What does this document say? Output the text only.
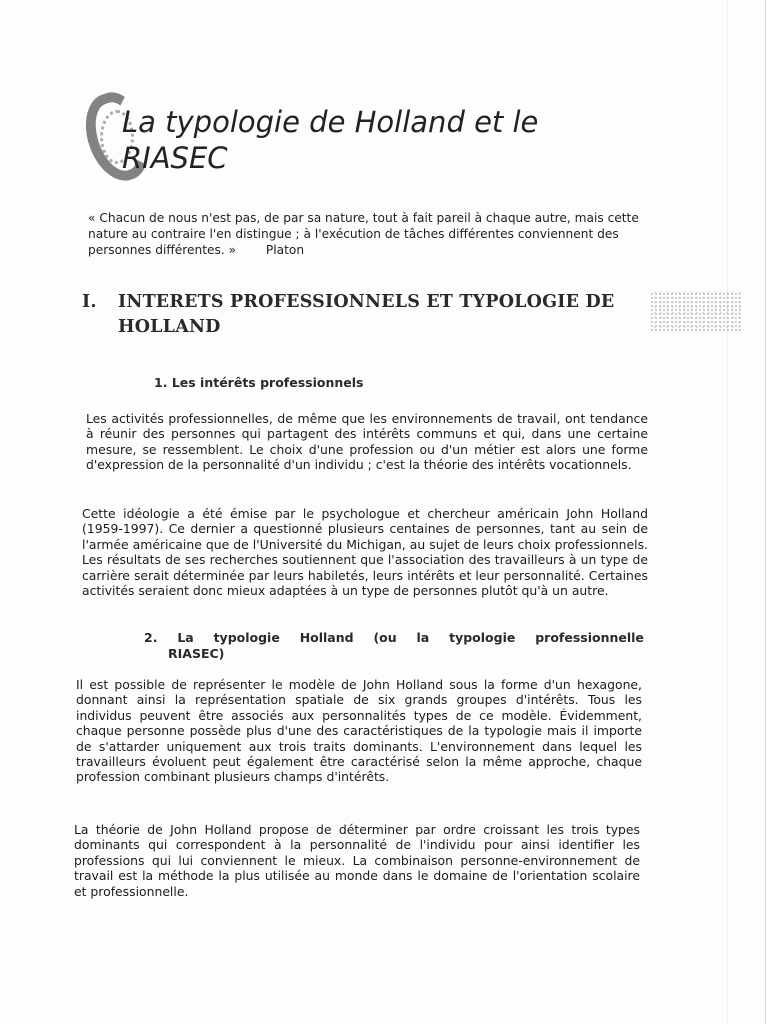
La typologie de Holland et le RIASEC
« Chacun de nous n'est pas, de par sa nature, tout à fait pareil à chaque autre, mais cette nature au contraire l'en distingue ; à l'exécution de tâches différentes conviennent des personnes différentes. » Platon
I. INTERETS PROFESSIONNELS ET TYPOLOGIE DE
HOLLAND
1. Les intérêts professionnels
Les activités professionnelles, de même que les environnements de travail, ont tendance à réunir des personnes qui partagent des intérêts communs et qui, dans une certaine mesure, se ressemblent. Le choix d'une profession ou d'un métier est alors une forme d'expression de la personnalité d'un individu ; c'est la théorie des intérêts vocationnels.
Cette idéologie a été émise par le psychologue et chercheur américain John Holland (1959-1997). Ce dernier a questionné plusieurs centaines de personnes, tant au sein de l'armée américaine que de l'Université du Michigan, au sujet de leurs choix professionnels. Les résultats de ses recherches soutiennent que l'association des travailleurs à un type de carrière serait déterminée par leurs habiletés, leurs intérêts et leur personnalité. Certaines activités seraient donc mieux adaptées à un type de personnes plutôt qu'à un autre.
2. La typologie Holland (ou la typologie professionnelle
RIASEC)
Il est possible de représenter le modèle de John Holland sous la forme d'un hexagone, donnant ainsi la représentation spatiale de six grands groupes d'intérêts. Tous les individus peuvent être associés aux personnalités types de ce modèle. Évidemment, chaque personne possède plus d'une des caractéristiques de la typologie mais il importe de s'attarder uniquement aux trois traits dominants. L'environnement dans lequel les travailleurs évoluent peut également être caractérisé selon la même approche, chaque profession combinant plusieurs champs d'intérêts.
La théorie de John Holland propose de déterminer par ordre croissant les trois types dominants qui correspondent à la personnalité de l'individu pour ainsi identifier les professions qui lui conviennent le mieux. La combinaison personne-environnement de travail est la méthode la plus utilisée au monde dans le domaine de l'orientation scolaire et professionnelle.
